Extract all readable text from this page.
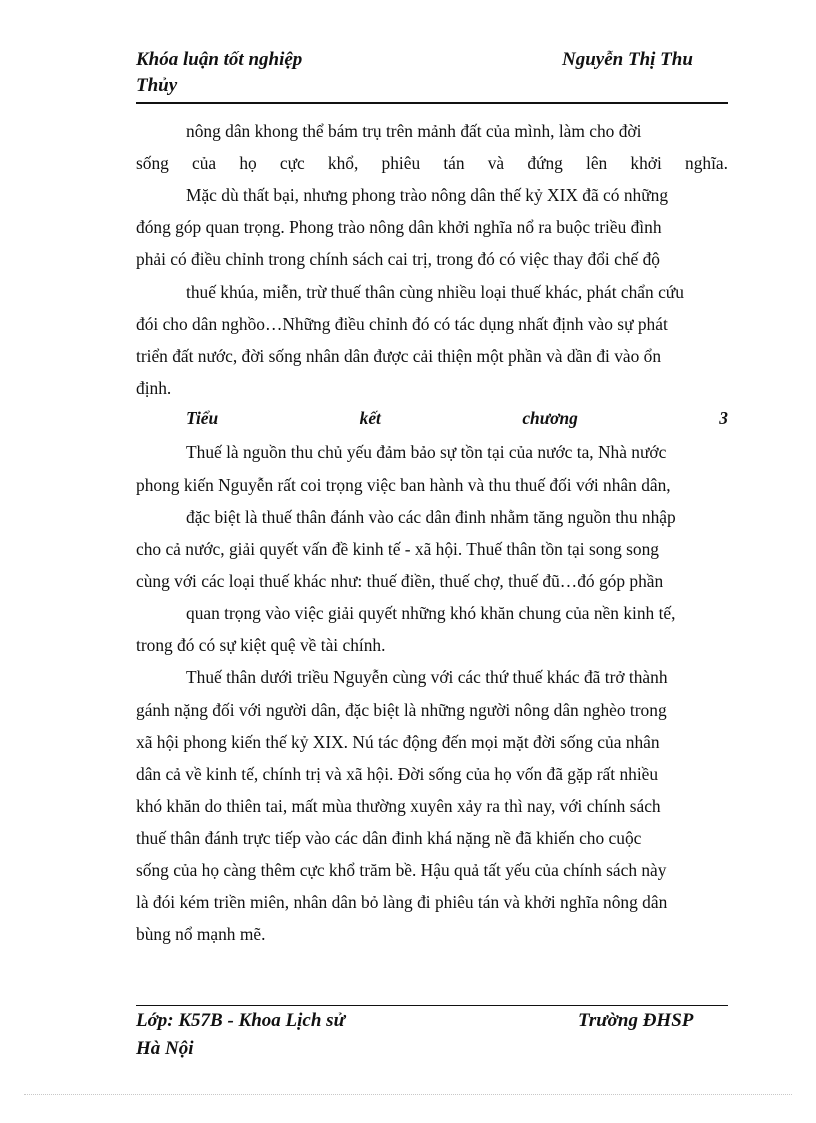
Khóa luận tốt nghiệp	Nguyễn Thị Thu
Thủy
nông dân khong thể bám trụ trên mảnh đất của mình, làm cho đời
sống của họ cực khổ, phiêu tán và đứng lên khởi nghĩa.
Mặc dù thất bại, nhưng phong trào nông dân thế kỷ XIX đã có những
đóng góp quan trọng. Phong trào nông dân khởi nghĩa nổ ra buộc triều đình
phải có điều chỉnh trong chính sách cai trị, trong đó có việc thay đổi chế độ
thuế khúa, miễn, trừ thuế thân cùng nhiều loại thuế khác, phát chẩn cứu
đói cho dân nghồo…Những điều chỉnh đó có tác dụng nhất định vào sự phát
triển đất nước, đời sống nhân dân được cải thiện một phần và dần đi vào ổn
định.
Tiểu	kết	chương	3
Thuế là nguồn thu chủ yếu đảm bảo sự tồn tại của nước ta, Nhà nước
phong kiến Nguyễn rất coi trọng việc ban hành và thu thuế đối với nhân dân,
đặc biệt là thuế thân đánh vào các dân đinh nhằm tăng nguồn thu nhập
cho cả nước, giải quyết vấn đề kinh tế - xã hội. Thuế thân tồn tại song song
cùng với các loại thuế khác như: thuế điền, thuế chợ, thuế đũ…đó góp phần
quan trọng vào việc giải quyết những khó khăn chung của nền kinh tế,
trong đó có sự kiệt quệ về tài chính.
Thuế thân dưới triều Nguyễn cùng với các thứ thuế khác đã trở thành
gánh nặng đối với người dân, đặc biệt là những người nông dân nghèo trong
xã hội phong kiến thế kỷ XIX. Nú tác động đến mọi mặt đời sống của nhân
dân cả về kinh tế, chính trị và xã hội. Đời sống của họ vốn đã gặp rất nhiều
khó khăn do thiên tai, mất mùa thường xuyên xảy ra thì nay, với chính sách
thuế thân đánh trực tiếp vào các dân đinh khá nặng nề đã khiến cho cuộc
sống của họ càng thêm cực khổ trăm bề. Hậu quả tất yếu của chính sách này
là đói kém triền miên, nhân dân bỏ làng đi phiêu tán và khởi nghĩa nông dân
bùng nổ mạnh mẽ.
Lớp: K57B - Khoa Lịch sử	Trường ĐHSP
Hà Nội
